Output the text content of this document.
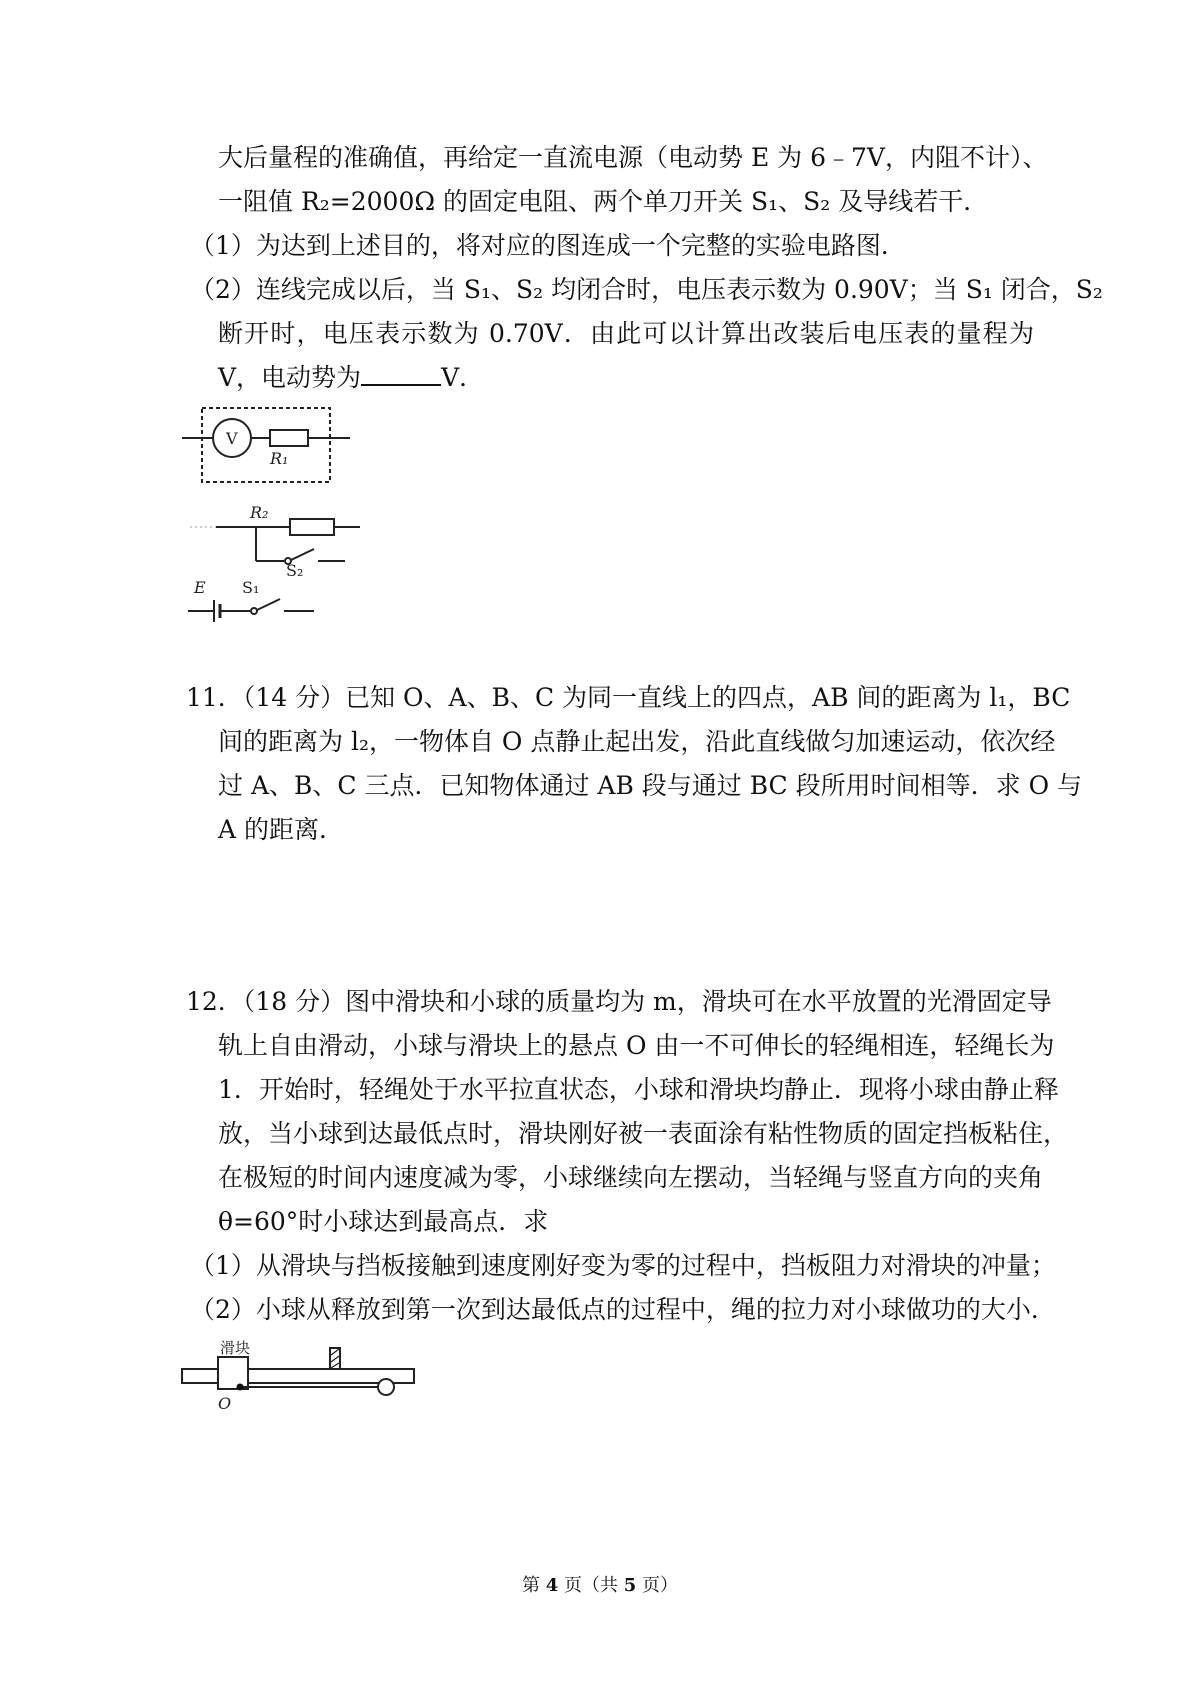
大后量程的准确值，再给定一直流电源（电动势 E 为 6﹣7V，内阻不计）、
一阻值 R₂=2000Ω 的固定电阻、两个单刀开关 S₁、S₂ 及导线若干．
（1）为达到上述目的，将对应的图连成一个完整的实验电路图．
（2）连线完成以后，当 S₁、S₂ 均闭合时，电压表示数为 0.90V；当 S₁ 闭合，S₂
断开时，电压表示数为 0.70V．由此可以计算出改装后电压表的量程为
V，电动势为	V．
V
R₁
R₂
S₂
E S₁
11．（14 分）已知 O、A、B、C 为同一直线上的四点，AB 间的距离为 l₁，BC
间的距离为 l₂，一物体自 O 点静止起出发，沿此直线做匀加速运动，依次经
过 A、B、C 三点．已知物体通过 AB 段与通过 BC 段所用时间相等．求 O 与
A 的距离．
12．（18 分）图中滑块和小球的质量均为 m，滑块可在水平放置的光滑固定导
轨上自由滑动，小球与滑块上的悬点 O 由一不可伸长的轻绳相连，轻绳长为
1．开始时，轻绳处于水平拉直状态，小球和滑块均静止．现将小球由静止释
放，当小球到达最低点时，滑块刚好被一表面涂有粘性物质的固定挡板粘住，
在极短的时间内速度减为零，小球继续向左摆动，当轻绳与竖直方向的夹角
θ=60°时小球达到最高点．求
（1）从滑块与挡板接触到速度刚好变为零的过程中，挡板阻力对滑块的冲量；
（2）小球从释放到第一次到达最低点的过程中，绳的拉力对小球做功的大小．
滑块
O
第 4 页（共 5 页）
